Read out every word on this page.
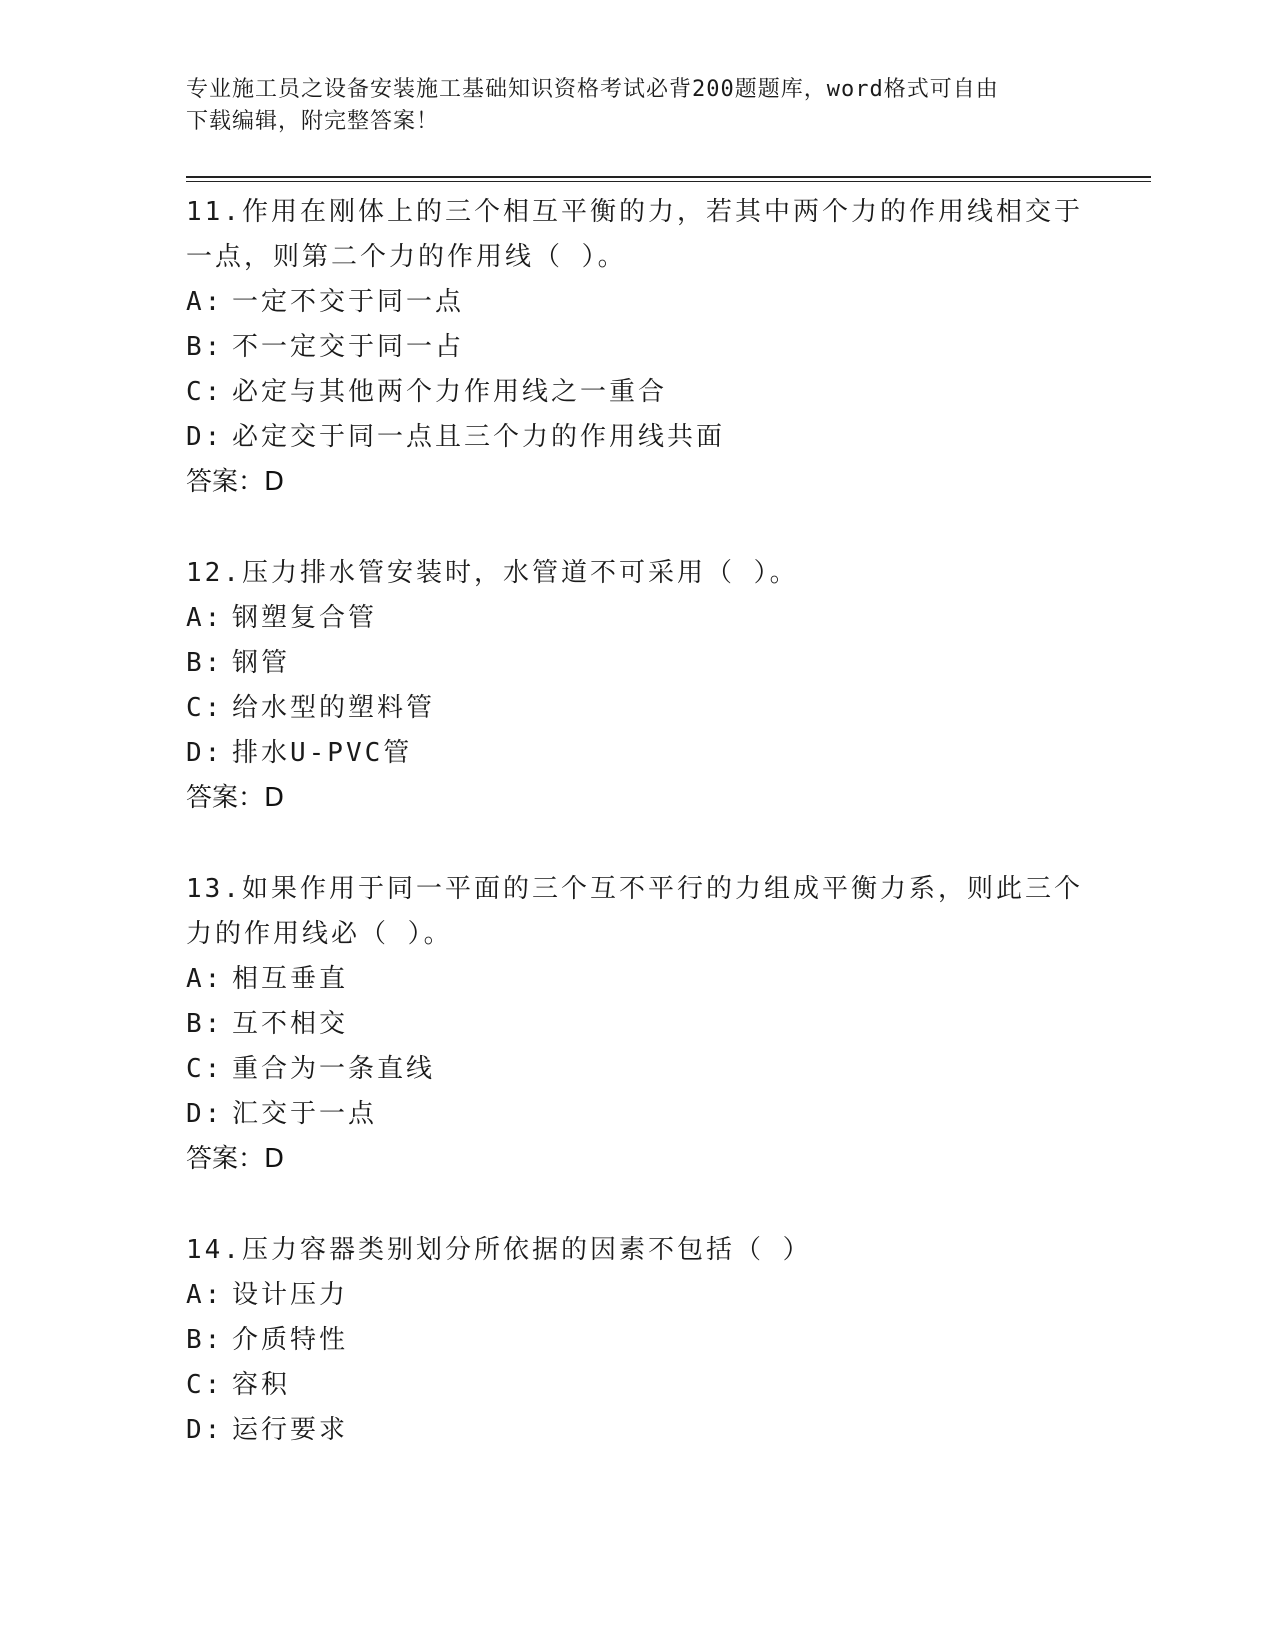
专业施工员之设备安装施工基础知识资格考试必背200题题库，word格式可自由
下载编辑，附完整答案！

11.作用在刚体上的三个相互平衡的力，若其中两个力的作用线相交于一点，则第二个力的作用线（ ）。

A: 一定不交于同一点
B: 不一定交于同一占
C: 必定与其他两个力作用线之一重合
D: 必定交于同一点且三个力的作用线共面
答案：D

12.压力排水管安装时，水管道不可采用（ ）。

A: 钢塑复合管
B: 钢管
C: 给水型的塑料管
D: 排水U-PVC管
答案：D

13.如果作用于同一平面的三个互不平行的力组成平衡力系，则此三个力的作用线必（ ）。

A: 相互垂直
B: 互不相交
C: 重合为一条直线
D: 汇交于一点
答案：D

14.压力容器类别划分所依据的因素不包括（ ）

A: 设计压力
B: 介质特性
C: 容积
D: 运行要求
